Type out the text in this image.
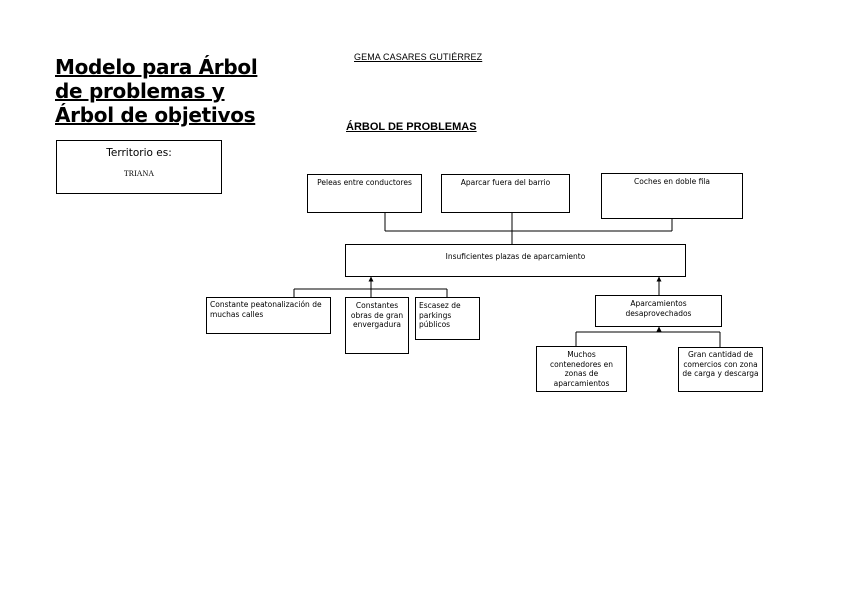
GEMA CASARES GUTIÉRREZ
Modelo para Árbol de problemas y Árbol de objetivos
Territorio es:
TRIANA
ÁRBOL DE PROBLEMAS
Peleas entre conductores	Aparcar fuera del barrio	Coches en doble fila
Insuficientes plazas de aparcamiento
Constante peatonalización de muchas calles
Constantes obras de gran envergadura
Escasez de parkings públicos
Aparcamientos desaprovechados
Muchos contenedores en zonas de aparcamientos
Gran cantidad de comercios con zona de carga y descarga
